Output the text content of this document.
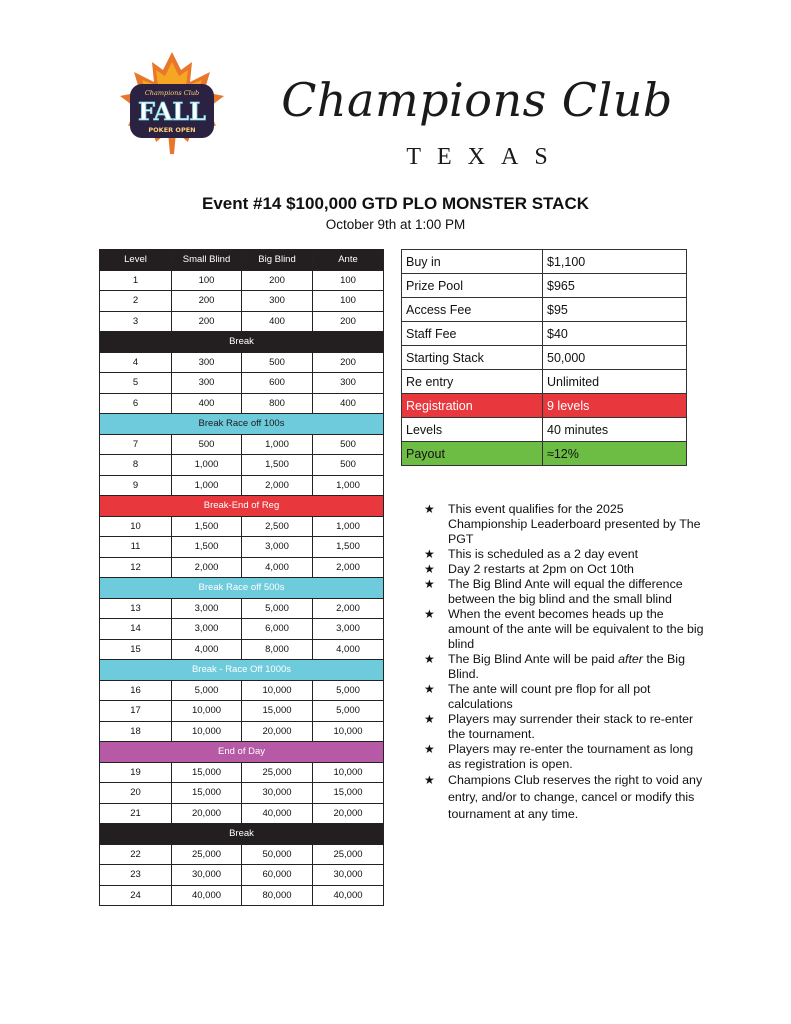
Champions Club
FALL
POKER OPEN
Champions Club
TEXAS
Event #14 $100,000 GTD PLO MONSTER STACK
October 9th at 1:00 PM
Level	Small Blind	Big Blind	Ante
1	100	200	100
2	200	300	100
3	200	400	200
Break			
4	300	500	200
5	300	600	300
6	400	800	400
Break Race off 100s			
7	500	1,000	500
8	1,000	1,500	500
9	1,000	2,000	1,000
Break-End of Reg			
10	1,500	2,500	1,000
11	1,500	3,000	1,500
12	2,000	4,000	2,000
Break Race off 500s			
13	3,000	5,000	2,000
14	3,000	6,000	3,000
15	4,000	8,000	4,000
Break - Race Off 1000s			
16	5,000	10,000	5,000
17	10,000	15,000	5,000
18	10,000	20,000	10,000
End of Day			
19	15,000	25,000	10,000
20	15,000	30,000	15,000
21	20,000	40,000	20,000
Break			
22	25,000	50,000	25,000
23	30,000	60,000	30,000
24	40,000	80,000	40,000
Buy in	$1,100
Prize Pool	$965
Access Fee	$95
Staff Fee	$40
Starting Stack	50,000
Re entry	Unlimited
Registration	9 levels
Levels	40 minutes
Payout	≈12%
★ This event qualifies for the 2025 Championship Leaderboard presented by The PGT
★ This is scheduled as a 2 day event
★ Day 2 restarts at 2pm on Oct 10th
★ The Big Blind Ante will equal the difference between the big blind and the small blind
★ When the event becomes heads up the amount of the ante will be equivalent to the big blind
★ The Big Blind Ante will be paid after the Big Blind.
★ The ante will count pre flop for all pot calculations
★ Players may surrender their stack to re-enter the tournament.
★ Players may re-enter the tournament as long as registration is open.
★ Champions Club reserves the right to void any entry, and/or to change, cancel or modify this tournament at any time.
